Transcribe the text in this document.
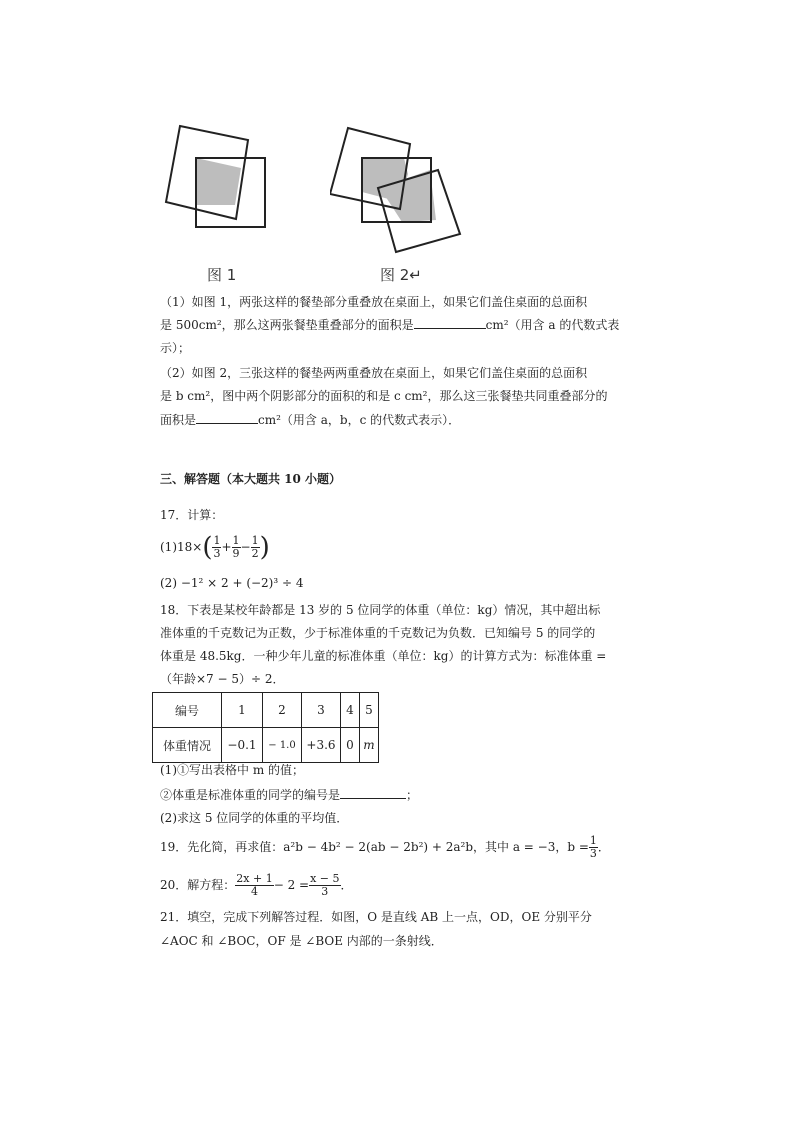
图 1	图 2↵
（1）如图 1，两张这样的餐垫部分重叠放在桌面上，如果它们盖住桌面的总面积
是 500cm²，那么这两张餐垫重叠部分的面积是	cm²（用含 a 的代数式表
示）；
（2）如图 2，三张这样的餐垫两两重叠放在桌面上，如果它们盖住桌面的总面积
是 b cm²，图中两个阴影部分的面积的和是 c cm²，那么这三张餐垫共同重叠部分的
面积是	cm²（用含 a，b，c 的代数式表示）．
三、解答题（本大题共 10 小题）
17．计算：
$(1)18\times( \frac{1}{3} + \frac{1}{9} - \frac{1}{2}$ )
(2) −1² × 2 + (−2)³ ÷ 4
18．下表是某校年龄都是 13 岁的 5 位同学的体重（单位：kg）情况，其中超出标
准体重的千克数记为正数，少于标准体重的千克数记为负数．已知编号 5 的同学的
体重是 48.5kg．一种少年儿童的标准体重（单位：kg）的计算方式为：标准体重 =
（年龄×7 − 5）÷ 2．
编号	1	2	3	4	5
体重情况	−0.1	− 1.0	+3.6	0	m
(1)①写出表格中 m 的值；
②体重是标准体重的同学的编号是	；
(2)求这 5 位同学的体重的平均值．
19．先化简，再求值：a²b − 4b² − 2(ab − 2b²) + 2a²b，其中 a = −3，$b = \frac{1}{3}$ ．
20．解方程： $\frac{2x + 1}{4} - 2 = \frac{x - 5}{3}$ ．
21．填空，完成下列解答过程．如图，O 是直线 AB 上一点，OD，OE 分别平分
∠AOC 和 ∠BOC，OF 是 ∠BOE 内部的一条射线．
